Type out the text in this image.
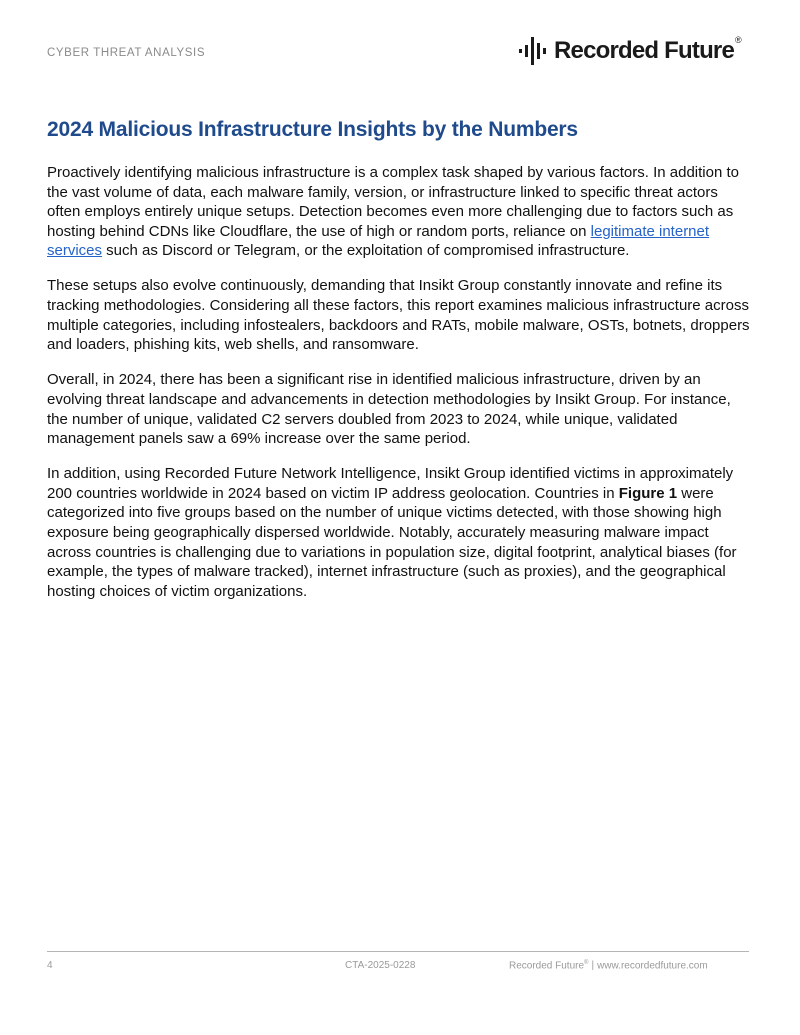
CYBER THREAT ANALYSIS	Recorded Future®
2024 Malicious Infrastructure Insights by the Numbers

Proactively identifying malicious infrastructure is a complex task shaped by various factors. In addition to the vast volume of data, each malware family, version, or infrastructure linked to specific threat actors often employs entirely unique setups. Detection becomes even more challenging due to factors such as hosting behind CDNs like Cloudflare, the use of high or random ports, reliance on legitimate internet services such as Discord or Telegram, or the exploitation of compromised infrastructure.

These setups also evolve continuously, demanding that Insikt Group constantly innovate and refine its tracking methodologies. Considering all these factors, this report examines malicious infrastructure across multiple categories, including infostealers, backdoors and RATs, mobile malware, OSTs, botnets, droppers and loaders, phishing kits, web shells, and ransomware.

Overall, in 2024, there has been a significant rise in identified malicious infrastructure, driven by an evolving threat landscape and advancements in detection methodologies by Insikt Group. For instance, the number of unique, validated C2 servers doubled from 2023 to 2024, while unique, validated management panels saw a 69% increase over the same period.

In addition, using Recorded Future Network Intelligence, Insikt Group identified victims in approximately 200 countries worldwide in 2024 based on victim IP address geolocation. Countries in Figure 1 were categorized into five groups based on the number of unique victims detected, with those showing high exposure being geographically dispersed worldwide. Notably, accurately measuring malware impact across countries is challenging due to variations in population size, digital footprint, analytical biases (for example, the types of malware tracked), internet infrastructure (such as proxies), and the geographical hosting choices of victim organizations.

4	CTA-2025-0228	Recorded Future® | www.recordedfuture.com
